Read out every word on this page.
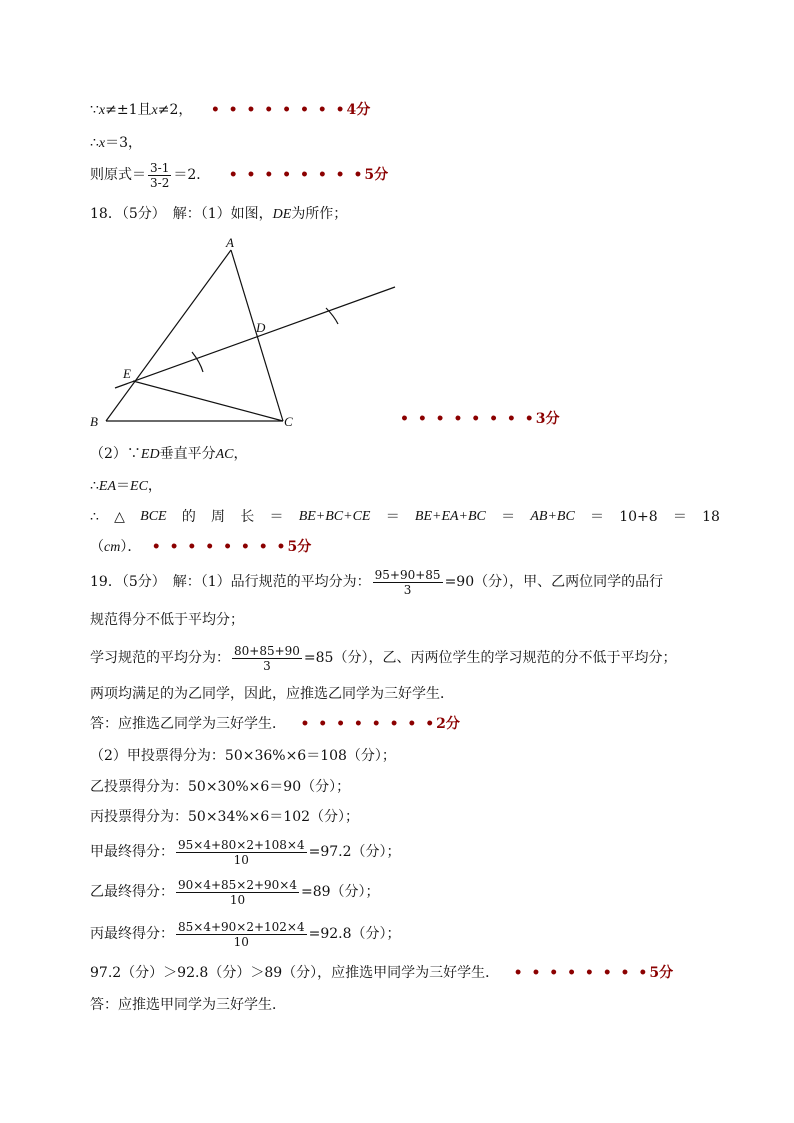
∵x≠±1且x≠2， • • • • • • • •4分
∴x＝3，
则原式＝ $\frac{3-1}{3-2} =2$． • • • • • • • •5分
18．（5分）　解：（1）如图，DE为所作；
A
B	C
D
E
• • • • • • • •3分
（2）∵ED垂直平分AC，
∴EA＝EC，
∴ △ BCE 的 周 长 ＝ BE+BC+CE ＝ BE+EA+BC ＝ AB+BC ＝ 10+8 ＝ 18
（cm）． • • • • • • • •5分
19．（5分）　解：（1）品行规范的平均分为： $\frac{95+90+85}{3} =90$（分），甲、乙两位同学的品行
规范得分不低于平均分；
学习规范的平均分为： $\frac{80+85+90}{3} =85$（分），乙、丙两位学生的学习规范的分不低于平均分；
两项均满足的为乙同学，因此，应推选乙同学为三好学生．
答：应推选乙同学为三好学生． • • • • • • • •2分
（2）甲投票得分为：50×36%×6＝108（分）；
乙投票得分为：50×30%×6＝90（分）；
丙投票得分为：50×34%×6＝102（分）；
甲最终得分： $\frac{95\times 4+80\times 2+108\times 4}{10} =97.2$（分）；
乙最终得分： $\frac{90\times 4+85\times 2+90\times 4}{10} =89$（分）；
丙最终得分： $\frac{85\times 4+90\times 2+102\times 4}{10} =92.8$（分）；
97.2（分）＞92.8（分）＞89（分），应推选甲同学为三好学生． • • • • • • • •5分
答：应推选甲同学为三好学生．
